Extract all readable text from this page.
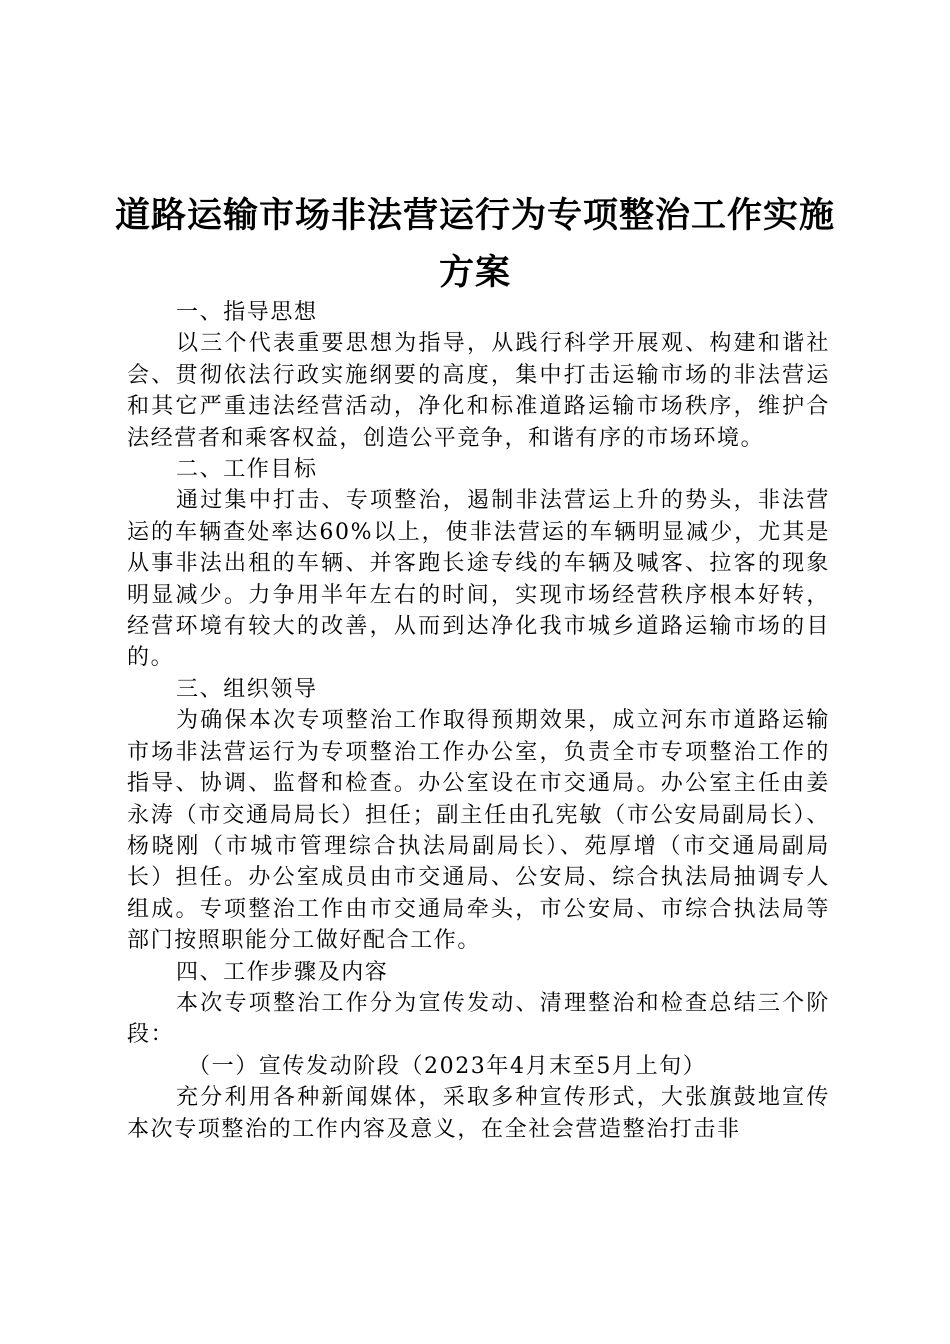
道路运输市场非法营运行为专项整治工作实施
方案

一、指导思想

以三个代表重要思想为指导，从践行科学开展观、构建和谐社会、贯彻依法行政实施纲要的高度，集中打击运输市场的非法营运和其它严重违法经营活动，净化和标准道路运输市场秩序，维护合法经营者和乘客权益，创造公平竞争，和谐有序的市场环境。

二、工作目标

通过集中打击、专项整治，遏制非法营运上升的势头，非法营运的车辆查处率达60%以上，使非法营运的车辆明显减少，尤其是从事非法出租的车辆、并客跑长途专线的车辆及喊客、拉客的现象明显减少。力争用半年左右的时间，实现市场经营秩序根本好转，经营环境有较大的改善，从而到达净化我市城乡道路运输市场的目的。

三、组织领导

为确保本次专项整治工作取得预期效果，成立河东市道路运输市场非法营运行为专项整治工作办公室，负责全市专项整治工作的指导、协调、监督和检查。办公室设在市交通局。办公室主任由姜永涛（市交通局局长）担任；副主任由孔宪敏（市公安局副局长）、杨晓刚（市城市管理综合执法局副局长）、苑厚增（市交通局副局长）担任。办公室成员由市交通局、公安局、综合执法局抽调专人组成。专项整治工作由市交通局牵头，市公安局、市综合执法局等部门按照职能分工做好配合工作。

四、工作步骤及内容

本次专项整治工作分为宣传发动、清理整治和检查总结三个阶段：

（一）宣传发动阶段（2023年4月末至5月上旬）

充分利用各种新闻媒体，采取多种宣传形式，大张旗鼓地宣传本次专项整治的工作内容及意义，在全社会营造整治打击非
